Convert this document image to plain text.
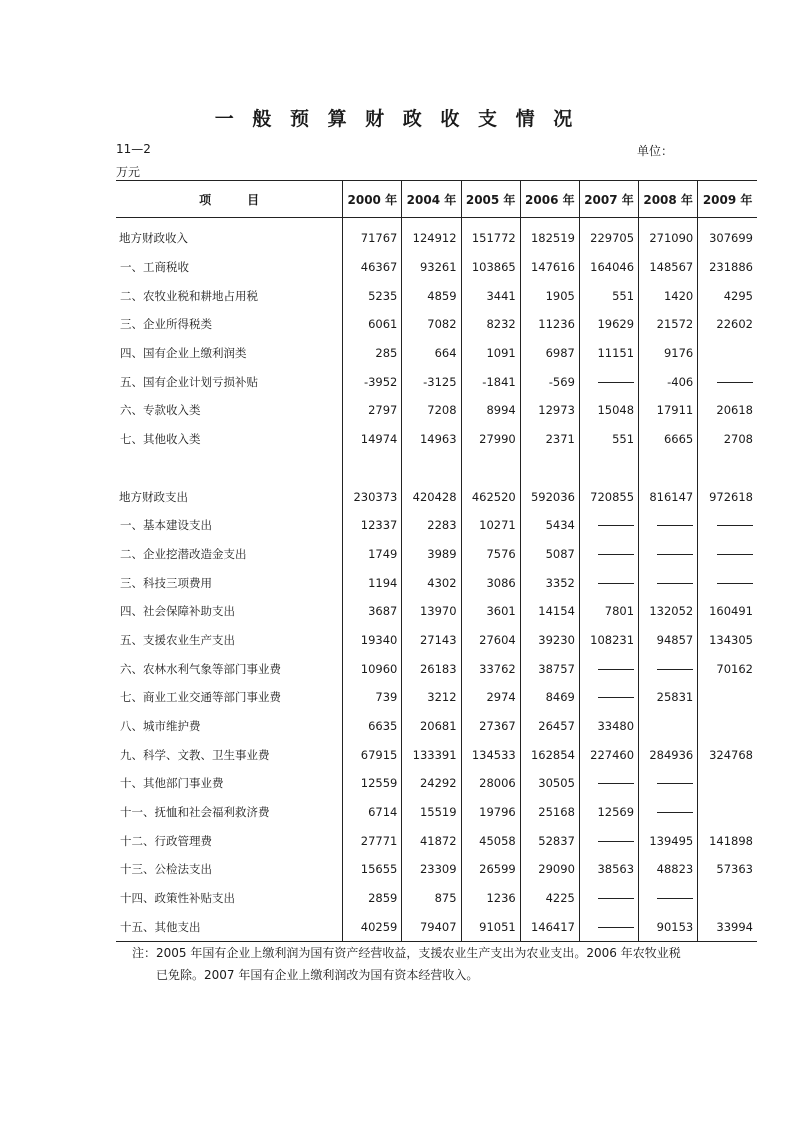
一 般 预 算 财 政 收 支 情 况
11—2	单位：
万元
项　　　目	2000 年	2004 年	2005 年	2006 年	2007 年	2008 年	2009 年
地方财政收入	71767	124912	151772	182519	229705	271090	307699
一、工商税收	46367	93261	103865	147616	164046	148567	231886
二、农牧业税和耕地占用税	5235	4859	3441	1905	551	1420	4295
三、企业所得税类	6061	7082	8232	11236	19629	21572	22602
四、国有企业上缴利润类	285	664	1091	6987	11151	9176	
五、国有企业计划亏损补贴	-3952	-3125	-1841	-569		-406	
六、专款收入类	2797	7208	8994	12973	15048	17911	20618
七、其他收入类	14974	14963	27990	2371	551	6665	2708

地方财政支出	230373	420428	462520	592036	720855	816147	972618
一、基本建设支出	12337	2283	10271	5434			
二、企业挖潜改造金支出	1749	3989	7576	5087			
三、科技三项费用	1194	4302	3086	3352			
四、社会保障补助支出	3687	13970	3601	14154	7801	132052	160491
五、支援农业生产支出	19340	27143	27604	39230	108231	94857	134305
六、农林水利气象等部门事业费	10960	26183	33762	38757			70162
七、商业工业交通等部门事业费	739	3212	2974	8469		25831	
八、城市维护费	6635	20681	27367	26457	33480		
九、科学、文教、卫生事业费	67915	133391	134533	162854	227460	284936	324768
十、其他部门事业费	12559	24292	28006	30505			
十一、抚恤和社会福利救济费	6714	15519	19796	25168	12569		
十二、行政管理费	27771	41872	45058	52837		139495	141898
十三、公检法支出	15655	23309	26599	29090	38563	48823	57363
十四、政策性补贴支出	2859	875	1236	4225			
十五、其他支出	40259	79407	91051	146417		90153	33994
注：2005 年国有企业上缴利润为国有资产经营收益，支援农业生产支出为农业支出。2006 年农牧业税
已免除。2007 年国有企业上缴利润改为国有资本经营收入。
